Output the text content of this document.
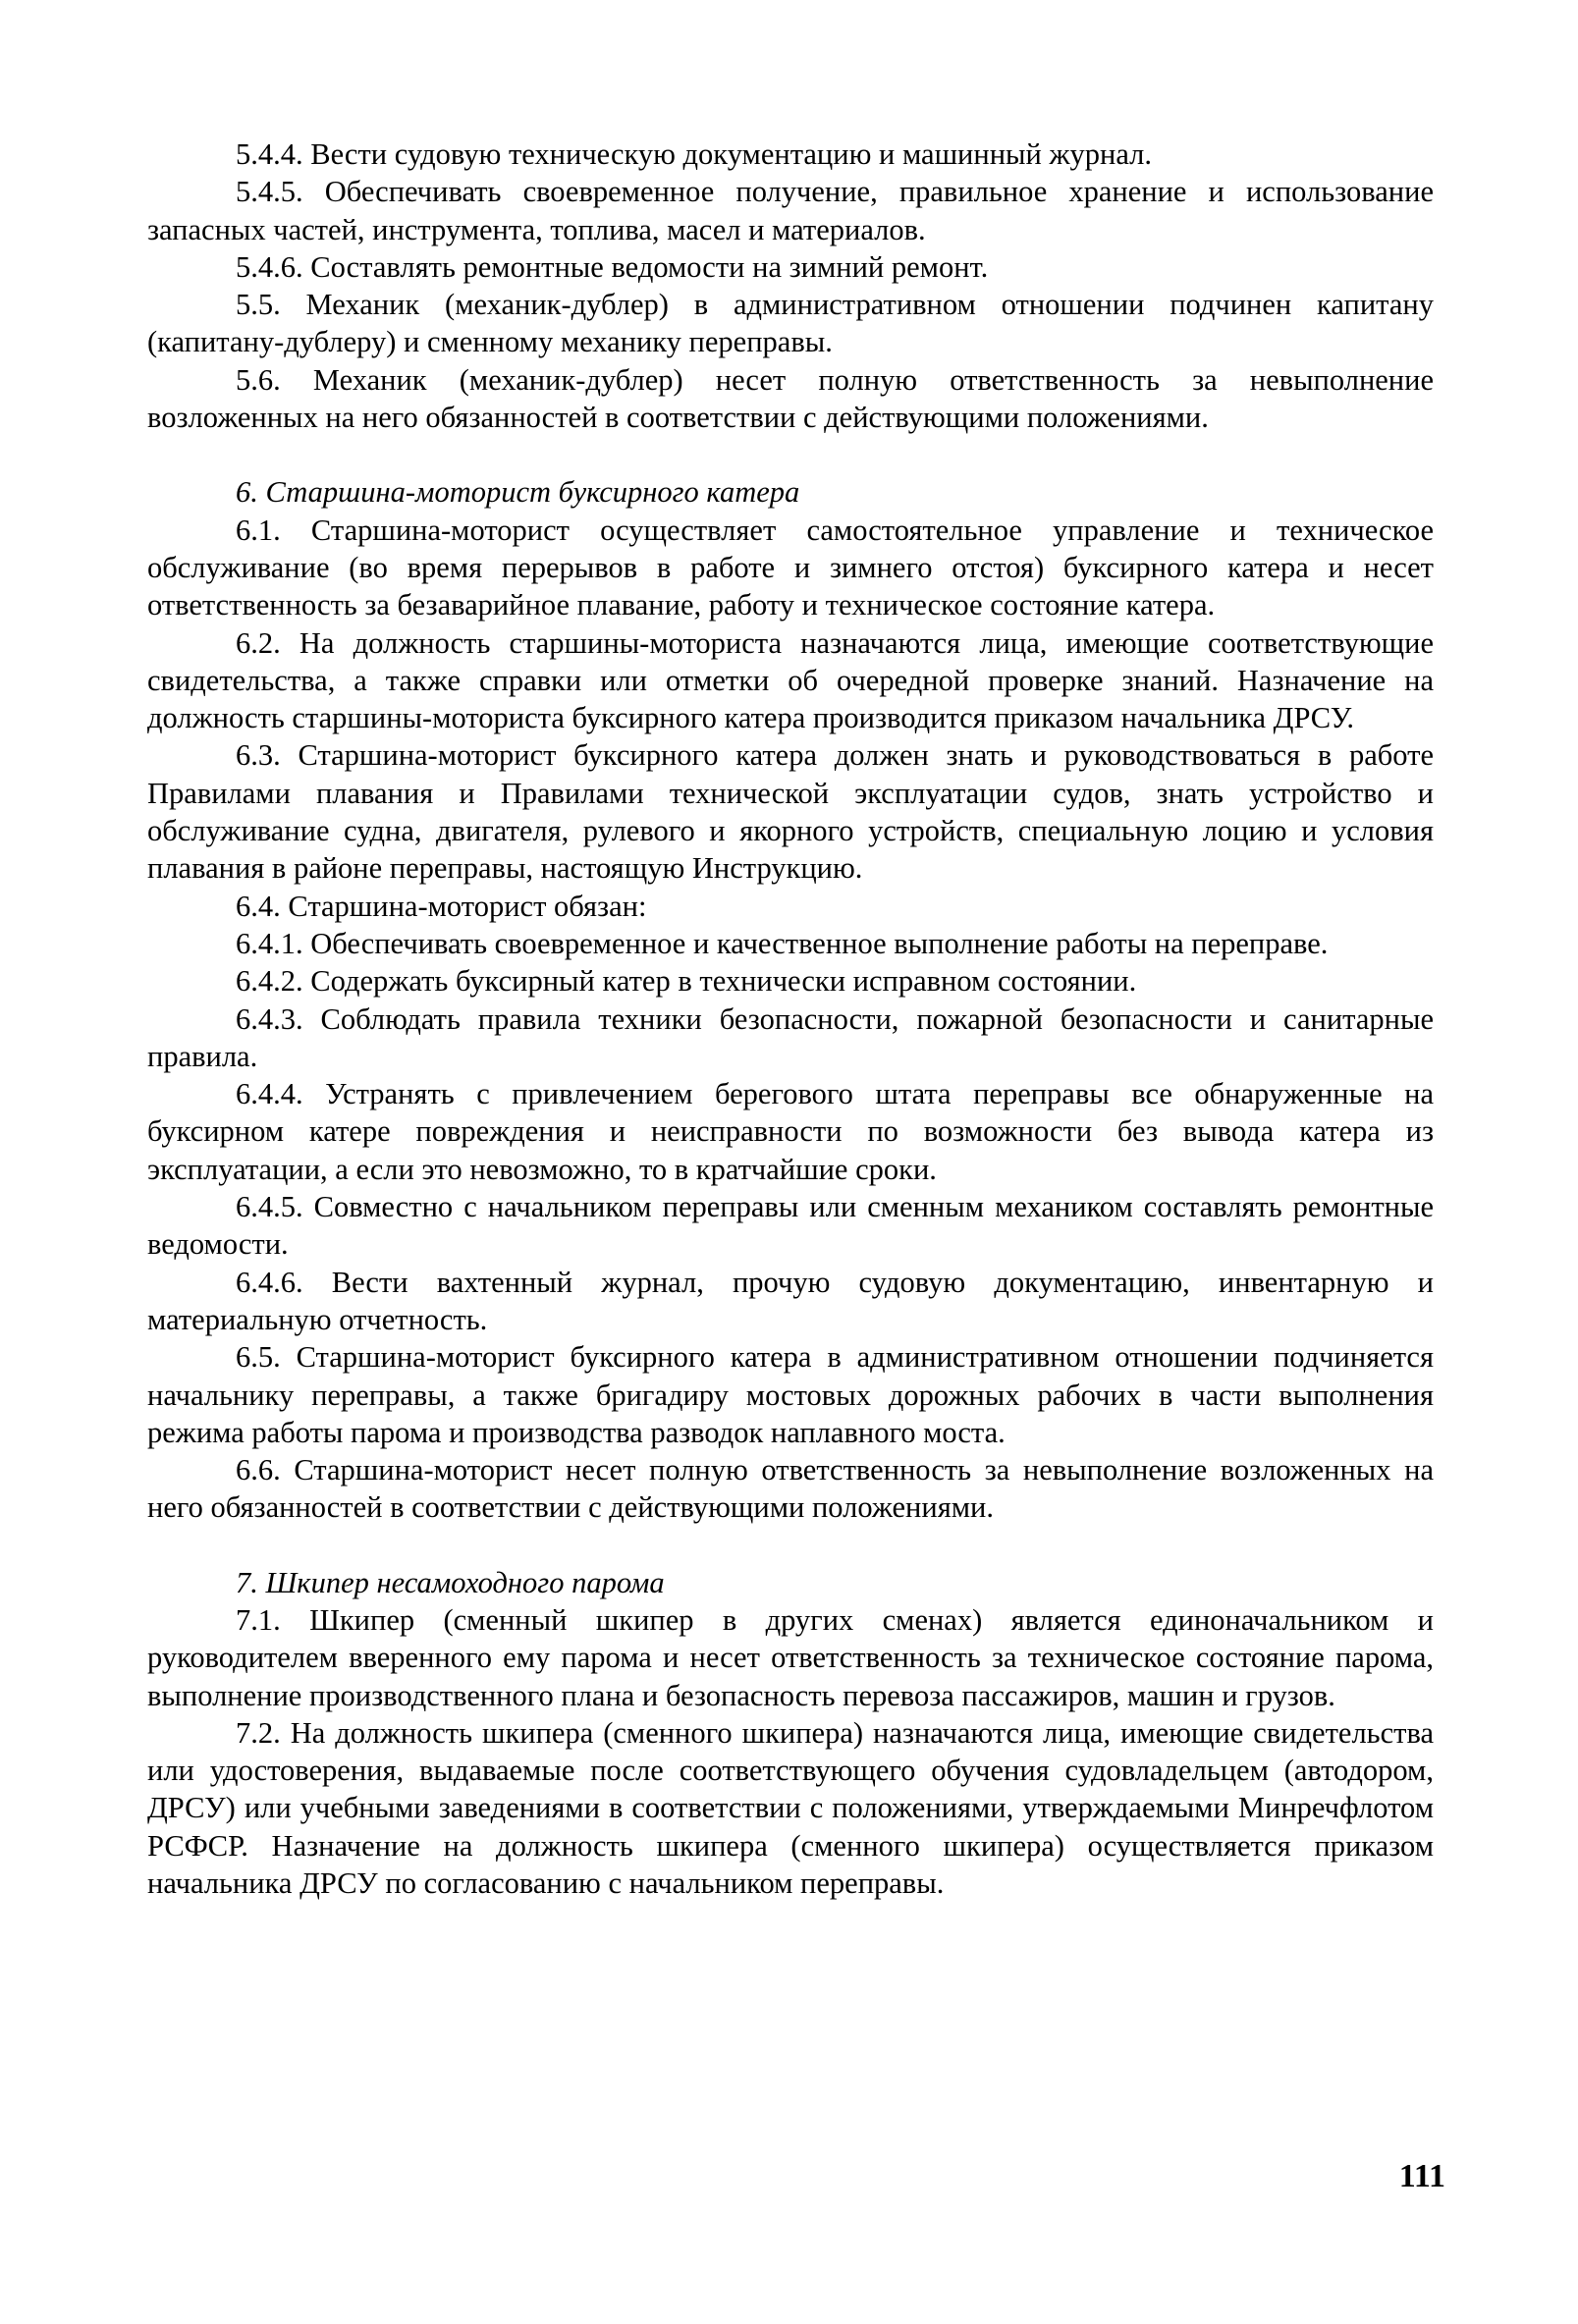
5.4.4. Вести судовую техническую документацию и машинный журнал.

5.4.5. Обеспечивать своевременное получение, правильное хранение и использование запасных частей, инструмента, топлива, масел и материалов.

5.4.6. Составлять ремонтные ведомости на зимний ремонт.

5.5. Механик (механик-дублер) в административном отношении подчинен капитану (капитану-дублеру) и сменному механику переправы.

5.6. Механик (механик-дублер) несет полную ответственность за невыполнение возложенных на него обязанностей в соответствии с действующими положениями.

6. Старшина-моторист буксирного катера

6.1. Старшина-моторист осуществляет самостоятельное управление и техническое обслуживание (во время перерывов в работе и зимнего отстоя) буксирного катера и несет ответственность за безаварийное плавание, работу и техническое состояние катера.

6.2. На должность старшины-моториста назначаются лица, имеющие соответствующие свидетельства, а также справки или отметки об очередной проверке знаний. Назначение на должность старшины-моториста буксирного катера производится приказом начальника ДРСУ.

6.3. Старшина-моторист буксирного катера должен знать и руководствоваться в работе Правилами плавания и Правилами технической эксплуатации судов, знать устройство и обслуживание судна, двигателя, рулевого и якорного устройств, специальную лоцию и условия плавания в районе переправы, настоящую Инструкцию.

6.4. Старшина-моторист обязан:

6.4.1. Обеспечивать своевременное и качественное выполнение работы на переправе.

6.4.2. Содержать буксирный катер в технически исправном состоянии.

6.4.3. Соблюдать правила техники безопасности, пожарной безопасности и санитарные правила.

6.4.4. Устранять с привлечением берегового штата переправы все обнаруженные на буксирном катере повреждения и неисправности по возможности без вывода катера из эксплуатации, а если это невозможно, то в кратчайшие сроки.

6.4.5. Совместно с начальником переправы или сменным механиком составлять ремонтные ведомости.

6.4.6. Вести вахтенный журнал, прочую судовую документацию, инвентарную и материальную отчетность.

6.5. Старшина-моторист буксирного катера в административном отношении подчиняется начальнику переправы, а также бригадиру мостовых дорожных рабочих в части выполнения режима работы парома и производства разводок наплавного моста.

6.6. Старшина-моторист несет полную ответственность за невыполнение возложенных на него обязанностей в соответствии с действующими положениями.

7. Шкипер несамоходного парома

7.1. Шкипер (сменный шкипер в других сменах) является единоначальником и руководителем вверенного ему парома и несет ответственность за техническое состояние парома, выполнение производственного плана и безопасность перевоза пассажиров, машин и грузов.

7.2. На должность шкипера (сменного шкипера) назначаются лица, имеющие свидетельства или удостоверения, выдаваемые после соответствующего обучения судовладельцем (автодором, ДРСУ) или учебными заведениями в соответствии с положениями, утверждаемыми Минречфлотом РСФСР. Назначение на должность шкипера (сменного шкипера) осуществляется приказом начальника ДРСУ по согласованию с начальником переправы.

111
